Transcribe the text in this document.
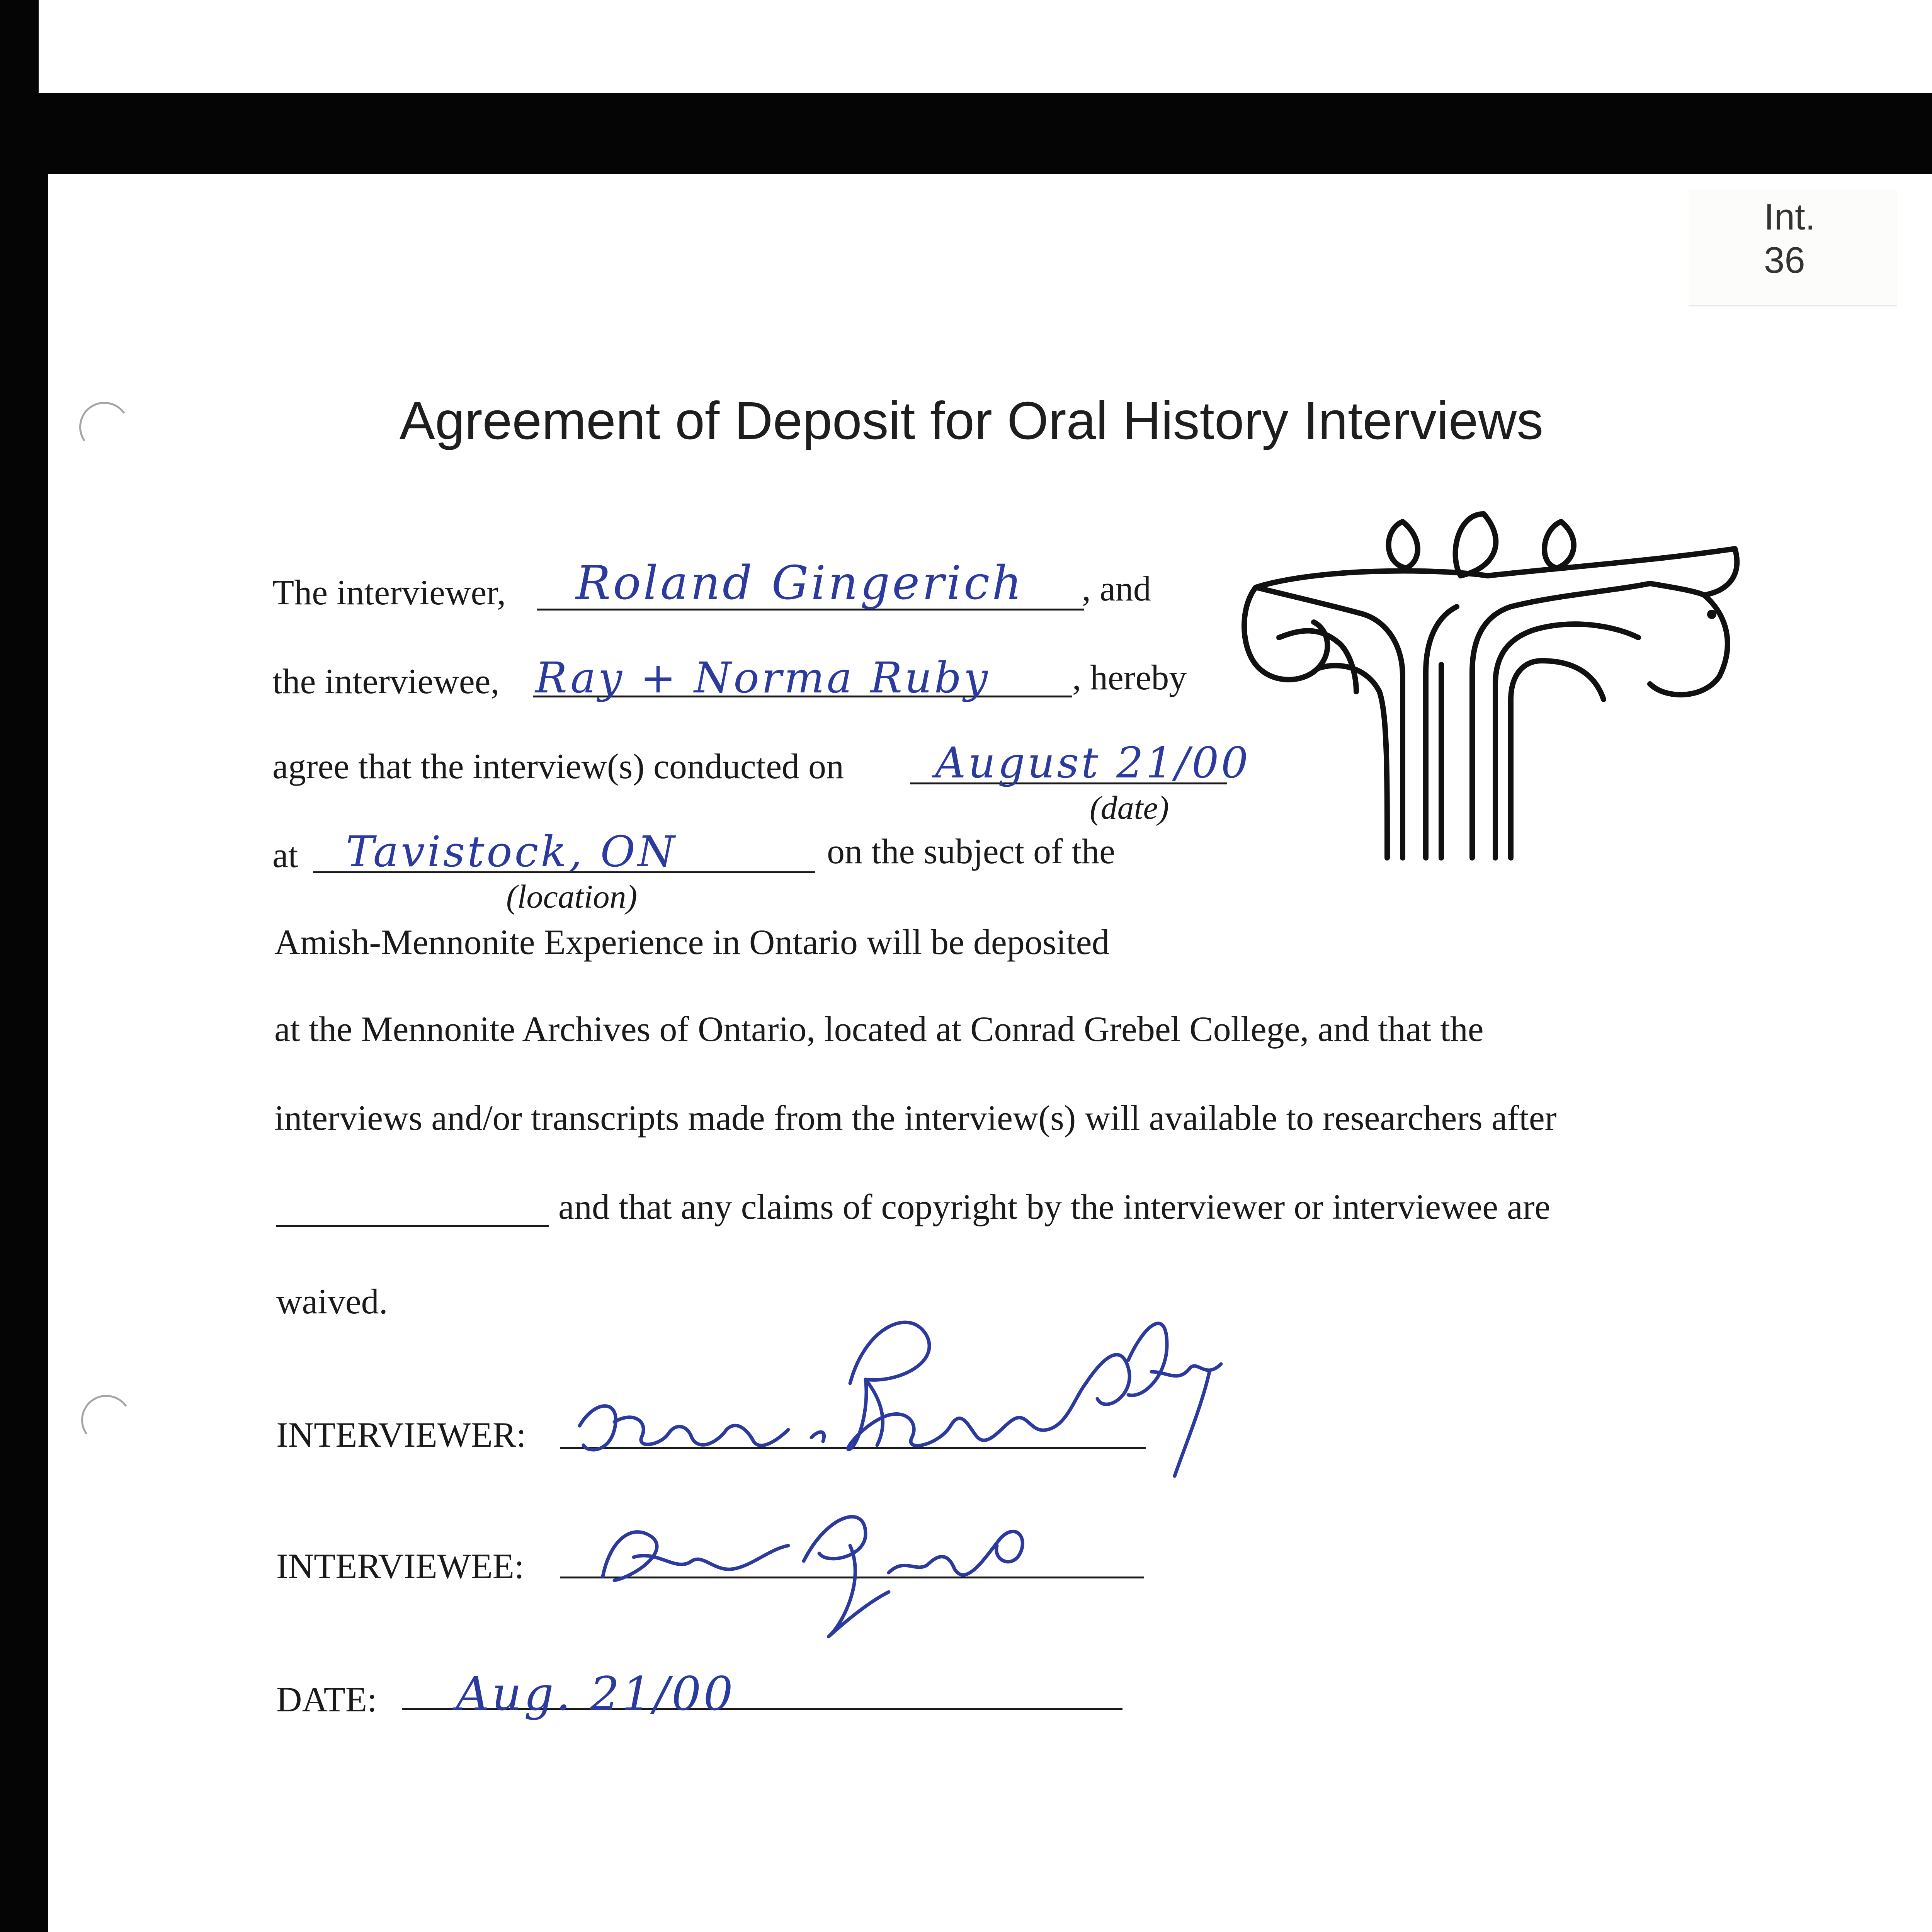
Int.
36
Agreement of Deposit for Oral History Interviews
The interviewer, Roland Gingerich , and
the interviewee, Ray + Norma Ruby , hereby
agree that the interview(s) conducted on August 21/00
(date)
at Tavistock, ON	on the subject of the
(location)
Amish-Mennonite Experience in Ontario will be deposited
at the Mennonite Archives of Ontario, located at Conrad Grebel College, and that the
interviews and/or transcripts made from the interview(s) will available to researchers after
and that any claims of copyright by the interviewer or interviewee are
waived.
INTERVIEWER:
INTERVIEWEE:
DATE: Aug. 21/00
